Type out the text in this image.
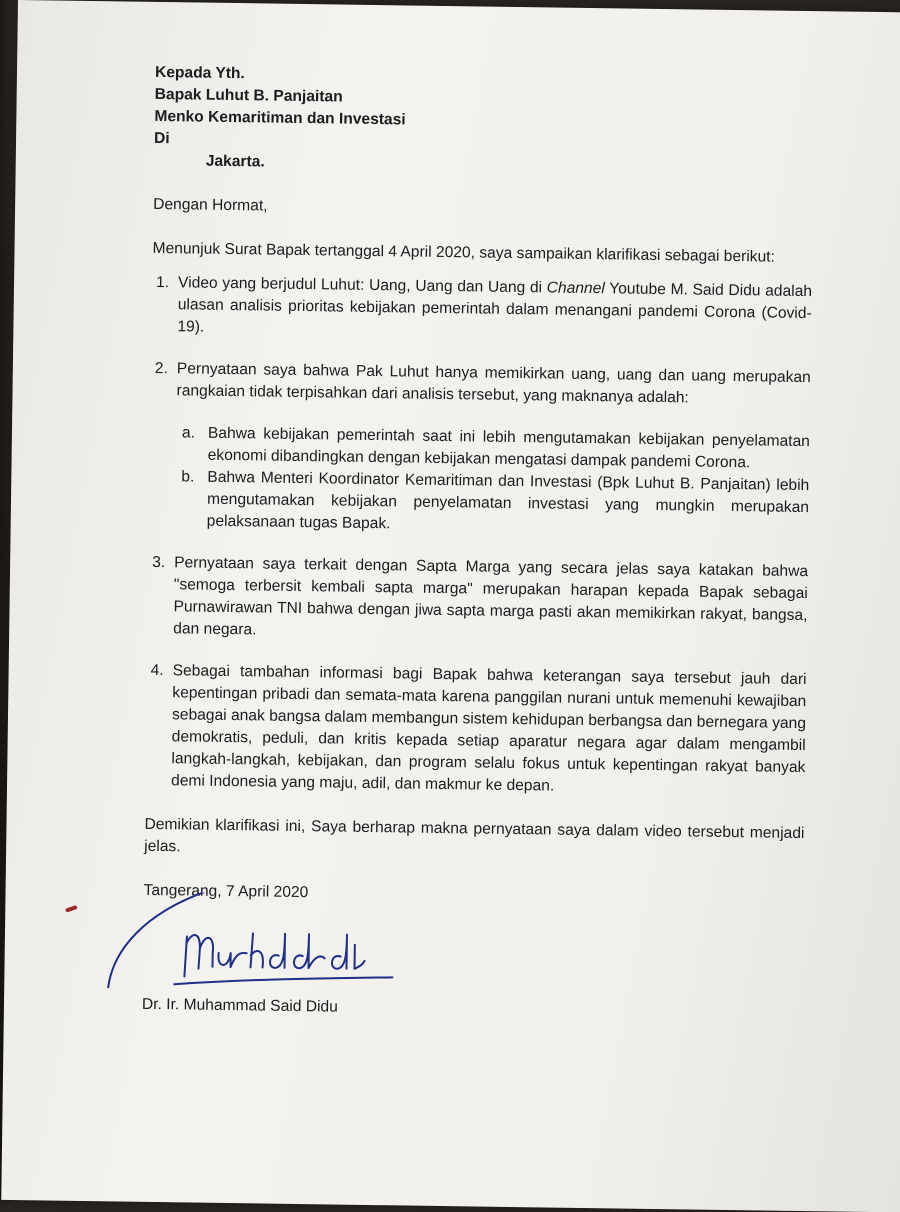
Kepada Yth.
Bapak Luhut B. Panjaitan
Menko Kemaritiman dan Investasi
Di
Jakarta.

Dengan Hormat,

Menunjuk Surat Bapak tertanggal 4 April 2020, saya sampaikan klarifikasi sebagai berikut:

1. Video yang berjudul Luhut: Uang, Uang dan Uang di Channel Youtube M. Said Didu adalah ulasan analisis prioritas kebijakan pemerintah dalam menangani pandemi Corona (Covid-19).
2. Pernyataan saya bahwa Pak Luhut hanya memikirkan uang, uang dan uang merupakan rangkaian tidak terpisahkan dari analisis tersebut, yang maknanya adalah:
a. Bahwa kebijakan pemerintah saat ini lebih mengutamakan kebijakan penyelamatan ekonomi dibandingkan dengan kebijakan mengatasi dampak pandemi Corona.
b. Bahwa Menteri Koordinator Kemaritiman dan Investasi (Bpk Luhut B. Panjaitan) lebih mengutamakan kebijakan penyelamatan investasi yang mungkin merupakan pelaksanaan tugas Bapak.
3. Pernyataan saya terkait dengan Sapta Marga yang secara jelas saya katakan bahwa "semoga terbersit kembali sapta marga" merupakan harapan kepada Bapak sebagai Purnawirawan TNI bahwa dengan jiwa sapta marga pasti akan memikirkan rakyat, bangsa, dan negara.
4. Sebagai tambahan informasi bagi Bapak bahwa keterangan saya tersebut jauh dari kepentingan pribadi dan semata-mata karena panggilan nurani untuk memenuhi kewajiban sebagai anak bangsa dalam membangun sistem kehidupan berbangsa dan bernegara yang demokratis, peduli, dan kritis kepada setiap aparatur negara agar dalam mengambil langkah-langkah, kebijakan, dan program selalu fokus untuk kepentingan rakyat banyak demi Indonesia yang maju, adil, dan makmur ke depan.

Demikian klarifikasi ini, Saya berharap makna pernyataan saya dalam video tersebut menjadi jelas.

Tangerang, 7 April 2020

Dr. Ir. Muhammad Said Didu
